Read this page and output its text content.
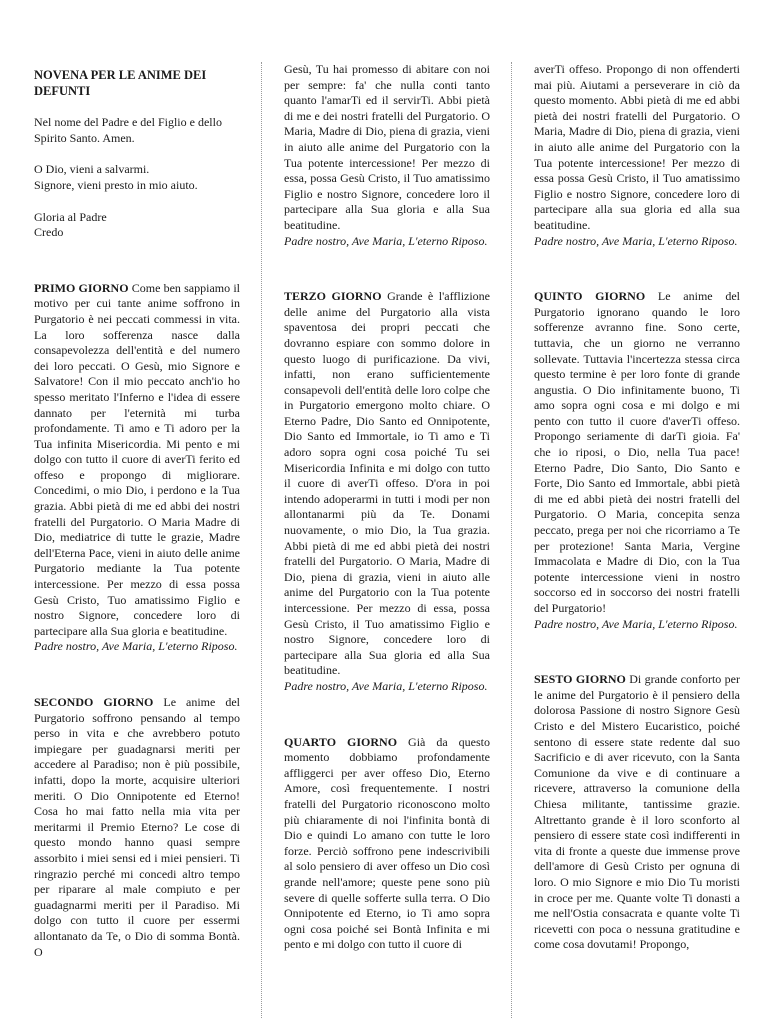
NOVENA PER LE ANIME DEI DEFUNTI

Nel nome del Padre e del Figlio e dello Spirito Santo. Amen.

O Dio, vieni a salvarmi.

Signore, vieni presto in mio aiuto.

Gloria al Padre

Credo

PRIMO GIORNO Come ben sappiamo il motivo per cui tante anime soffrono in Purgatorio è nei peccati commessi in vita. La loro sofferenza nasce dalla consapevolezza dell'entità e del numero dei loro peccati. O Gesù, mio Signore e Salvatore! Con il mio peccato anch'io ho spesso meritato l'Inferno e l'idea di essere dannato per l'eternità mi turba profondamente. Ti amo e Ti adoro per la Tua infinita Misericordia. Mi pento e mi dolgo con tutto il cuore di averTi ferito ed offeso e propongo di migliorare. Concedimi, o mio Dio, i perdono e la Tua grazia. Abbi pietà di me ed abbi dei nostri fratelli del Purgatorio. O Maria Madre di Dio, mediatrice di tutte le grazie, Madre dell'Eterna Pace, vieni in aiuto delle anime Purgatorio mediante la Tua potente intercessione. Per mezzo di essa possa Gesù Cristo, Tuo amatissimo Figlio e nostro Signore, concedere loro di partecipare alla Sua gloria e beatitudine.

Padre nostro, Ave Maria, L'eterno Riposo.

SECONDO GIORNO Le anime del Purgatorio soffrono pensando al tempo perso in vita e che avrebbero potuto impiegare per guadagnarsi meriti per accedere al Paradiso; non è più possibile, infatti, dopo la morte, acquisire ulteriori meriti. O Dio Onnipotente ed Eterno! Cosa ho mai fatto nella mia vita per meritarmi il Premio Eterno? Le cose di questo mondo hanno quasi sempre assorbito i miei sensi ed i miei pensieri. Ti ringrazio perché mi concedi altro tempo per riparare al male compiuto e per guadagnarmi meriti per il Paradiso. Mi dolgo con tutto il cuore per essermi allontanato da Te, o Dio di somma Bontà. O

Gesù, Tu hai promesso di abitare con noi per sempre: fa' che nulla conti tanto quanto l'amarTi ed il servirTi. Abbi pietà di me e dei nostri fratelli del Purgatorio. O Maria, Madre di Dio, piena di grazia, vieni in aiuto alle anime del Purgatorio con la Tua potente intercessione! Per mezzo di essa, possa Gesù Cristo, il Tuo amatissimo Figlio e nostro Signore, concedere loro il partecipare alla Sua gloria e alla Sua beatitudine.

Padre nostro, Ave Maria, L'eterno Riposo.

TERZO GIORNO Grande è l'afflizione delle anime del Purgatorio alla vista spaventosa dei propri peccati che dovranno espiare con sommo dolore in questo luogo di purificazione. Da vivi, infatti, non erano sufficientemente consapevoli dell'entità delle loro colpe che in Purgatorio emergono molto chiare. O Eterno Padre, Dio Santo ed Onnipotente, Dio Santo ed Immortale, io Ti amo e Ti adoro sopra ogni cosa poiché Tu sei Misericordia Infinita e mi dolgo con tutto il cuore di averTi offeso. D'ora in poi intendo adoperarmi in tutti i modi per non allontanarmi più da Te. Donami nuovamente, o mio Dio, la Tua grazia. Abbi pietà di me ed abbi pietà dei nostri fratelli del Purgatorio. O Maria, Madre di Dio, piena di grazia, vieni in aiuto alle anime del Purgatorio con la Tua potente intercessione. Per mezzo di essa, possa Gesù Cristo, il Tuo amatissimo Figlio e nostro Signore, concedere loro di partecipare alla Sua gloria ed alla Sua beatitudine.

Padre nostro, Ave Maria, L'eterno Riposo.

QUARTO GIORNO Già da questo momento dobbiamo profondamente affliggerci per aver offeso Dio, Eterno Amore, così frequentemente. I nostri fratelli del Purgatorio riconoscono molto più chiaramente di noi l'infinita bontà di Dio e quindi Lo amano con tutte le loro forze. Perciò soffrono pene indescrivibili al solo pensiero di aver offeso un Dio così grande nell'amore; queste pene sono più severe di quelle sofferte sulla terra. O Dio Onnipotente ed Eterno, io Ti amo sopra ogni cosa poiché sei Bontà Infinita e mi pento e mi dolgo con tutto il cuore di

averTi offeso. Propongo di non offenderti mai più. Aiutami a perseverare in ciò da questo momento. Abbi pietà di me ed abbi pietà dei nostri fratelli del Purgatorio. O Maria, Madre di Dio, piena di grazia, vieni in aiuto alle anime del Purgatorio con la Tua potente intercessione! Per mezzo di essa possa Gesù Cristo, il Tuo amatissimo Figlio e nostro Signore, concedere loro di partecipare alla sua gloria ed alla sua beatitudine.

Padre nostro, Ave Maria, L'eterno Riposo.

QUINTO GIORNO Le anime del Purgatorio ignorano quando le loro sofferenze avranno fine. Sono certe, tuttavia, che un giorno ne verranno sollevate. Tuttavia l'incertezza stessa circa questo termine è per loro fonte di grande angustia. O Dio infinitamente buono, Ti amo sopra ogni cosa e mi dolgo e mi pento con tutto il cuore d'averTi offeso. Propongo seriamente di darTi gioia. Fa' che io riposi, o Dio, nella Tua pace! Eterno Padre, Dio Santo, Dio Santo e Forte, Dio Santo ed Immortale, abbi pietà di me ed abbi pietà dei nostri fratelli del Purgatorio. O Maria, concepita senza peccato, prega per noi che ricorriamo a Te per protezione! Santa Maria, Vergine Immacolata e Madre di Dio, con la Tua potente intercessione vieni in nostro soccorso ed in soccorso dei nostri fratelli del Purgatorio!

Padre nostro, Ave Maria, L'eterno Riposo.

SESTO GIORNO Di grande conforto per le anime del Purgatorio è il pensiero della dolorosa Passione di nostro Signore Gesù Cristo e del Mistero Eucaristico, poiché sentono di essere state redente dal suo Sacrificio e di aver ricevuto, con la Santa Comunione da vive e di continuare a ricevere, attraverso la comunione della Chiesa militante, tantissime grazie. Altrettanto grande è il loro sconforto al pensiero di essere state così indifferenti in vita di fronte a queste due immense prove dell'amore di Gesù Cristo per ognuna di loro. O mio Signore e mio Dio Tu moristi in croce per me. Quante volte Ti donasti a me nell'Ostia consacrata e quante volte Ti ricevetti con poca o nessuna gratitudine e come cosa dovutami! Propongo,
